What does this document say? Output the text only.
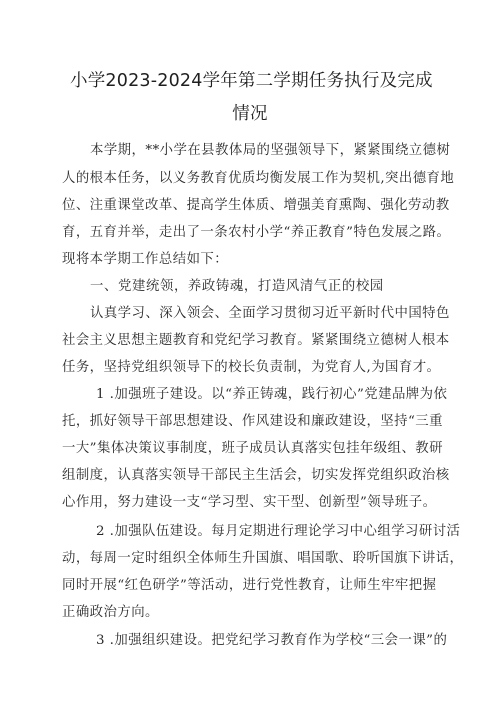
小学2023-2024学年第二学期任务执行及完成
情况
本学期，**小学在县教体局的坚强领导下，紧紧围绕立德树
人的根本任务，以义务教育优质均衡发展工作为契机,突出德育地
位、注重课堂改革、提高学生体质、增强美育熏陶、强化劳动教
育，五育并举，走出了一条农村小学“养正教育”特色发展之路。
现将本学期工作总结如下：
一、党建统领，养政铸魂，打造风清气正的校园
认真学习、深入领会、全面学习贯彻习近平新时代中国特色
社会主义思想主题教育和党纪学习教育。紧紧围绕立德树人根本
任务，坚持党组织领导下的校长负责制，为党育人,为国育才。
1 .加强班子建设。以“养正铸魂，践行初心”党建品牌为依
托，抓好领导干部思想建设、作风建设和廉政建设，坚持“三重
一大”集体决策议事制度，班子成员认真落实包挂年级组、教研
组制度，认真落实领导干部民主生活会，切实发挥党组织政治核
心作用，努力建设一支“学习型、实干型、创新型”领导班子。
2 .加强队伍建设。每月定期进行理论学习中心组学习研讨活
动，每周一定时组织全体师生升国旗、唱国歌、聆听国旗下讲话，
同时开展“红色研学”等活动，进行党性教育，让师生牢牢把握
正确政治方向。
3 .加强组织建设。把党纪学习教育作为学校“三会一课”的
